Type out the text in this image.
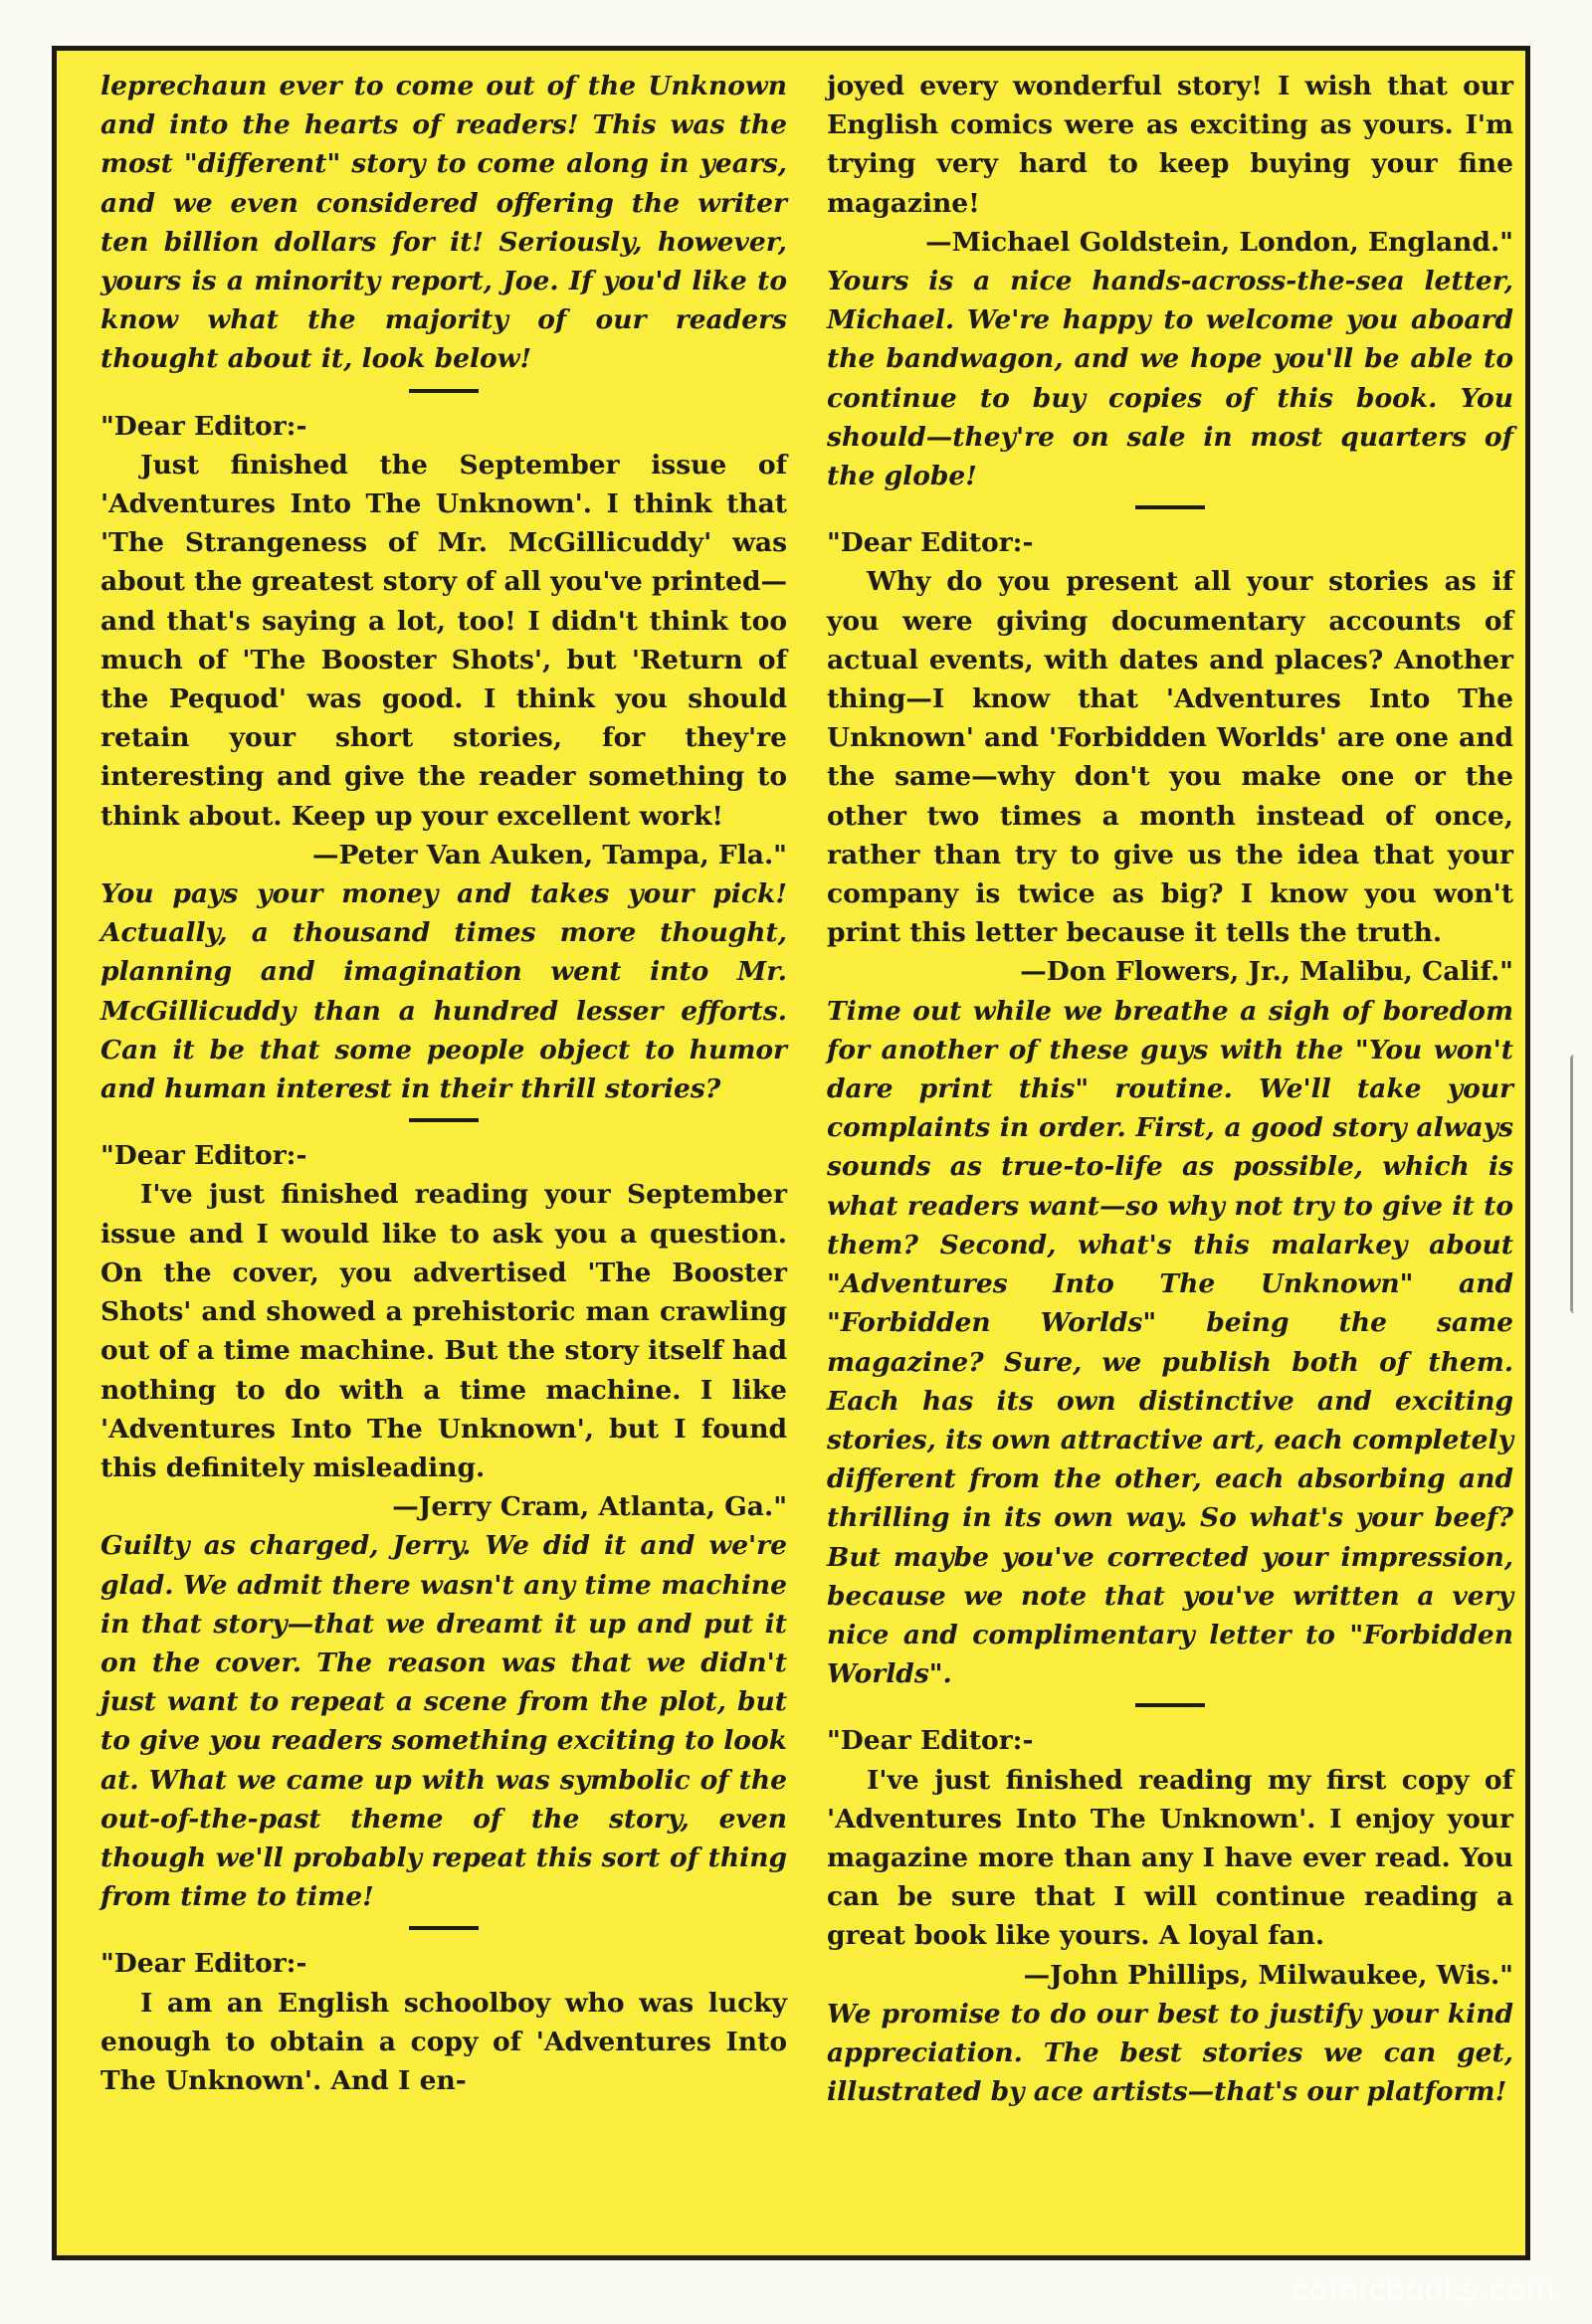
leprechaun ever to come out of the Unknown and into the hearts of readers! This was the most "different" story to come along in years, and we even considered offering the writer ten billion dollars for it! Seriously, however, yours is a minority report, Joe. If you'd like to know what the majority of our readers thought about it, look below!

"Dear Editor:-

Just finished the September issue of 'Adventures Into The Unknown'. I think that 'The Strangeness of Mr. McGillicuddy' was about the greatest story of all you've printed—and that's saying a lot, too! I didn't think too much of 'The Booster Shots', but 'Return of the Pequod' was good. I think you should retain your short stories, for they're interesting and give the reader something to think about. Keep up your excellent work!

—Peter Van Auken, Tampa, Fla."

You pays your money and takes your pick! Actually, a thousand times more thought, planning and imagination went into Mr. McGillicuddy than a hundred lesser efforts. Can it be that some people object to humor and human interest in their thrill stories?

"Dear Editor:-

I've just finished reading your September issue and I would like to ask you a question. On the cover, you advertised 'The Booster Shots' and showed a prehistoric man crawling out of a time machine. But the story itself had nothing to do with a time machine. I like 'Adventures Into The Unknown', but I found this definitely misleading.

—Jerry Cram, Atlanta, Ga."

Guilty as charged, Jerry. We did it and we're glad. We admit there wasn't any time machine in that story—that we dreamt it up and put it on the cover. The reason was that we didn't just want to repeat a scene from the plot, but to give you readers something exciting to look at. What we came up with was symbolic of the out-of-the-past theme of the story, even though we'll probably repeat this sort of thing from time to time!

"Dear Editor:-

I am an English schoolboy who was lucky enough to obtain a copy of 'Adventures Into The Unknown'. And I en-

joyed every wonderful story! I wish that our English comics were as exciting as yours. I'm trying very hard to keep buying your fine magazine!

—Michael Goldstein, London, England."

Yours is a nice hands-across-the-sea letter, Michael. We're happy to welcome you aboard the bandwagon, and we hope you'll be able to continue to buy copies of this book. You should—they're on sale in most quarters of the globe!

"Dear Editor:-

Why do you present all your stories as if you were giving documentary accounts of actual events, with dates and places? Another thing—I know that 'Adventures Into The Unknown' and 'Forbidden Worlds' are one and the same—why don't you make one or the other two times a month instead of once, rather than try to give us the idea that your company is twice as big? I know you won't print this letter because it tells the truth.

—Don Flowers, Jr., Malibu, Calif."

Time out while we breathe a sigh of boredom for another of these guys with the "You won't dare print this" routine. We'll take your complaints in order. First, a good story always sounds as true-to-life as possible, which is what readers want—so why not try to give it to them? Second, what's this malarkey about "Adventures Into The Unknown" and "Forbidden Worlds" being the same magazine? Sure, we publish both of them. Each has its own distinctive and exciting stories, its own attractive art, each completely different from the other, each absorbing and thrilling in its own way. So what's your beef? But maybe you've corrected your impression, because we note that you've written a very nice and complimentary letter to "Forbidden Worlds".

"Dear Editor:-

I've just finished reading my first copy of 'Adventures Into The Unknown'. I enjoy your magazine more than any I have ever read. You can be sure that I will continue reading a great book like yours. A loyal fan.

—John Phillips, Milwaukee, Wis."

We promise to do our best to justify your kind appreciation. The best stories we can get, illustrated by ace artists—that's our platform!

comicbooks.com
